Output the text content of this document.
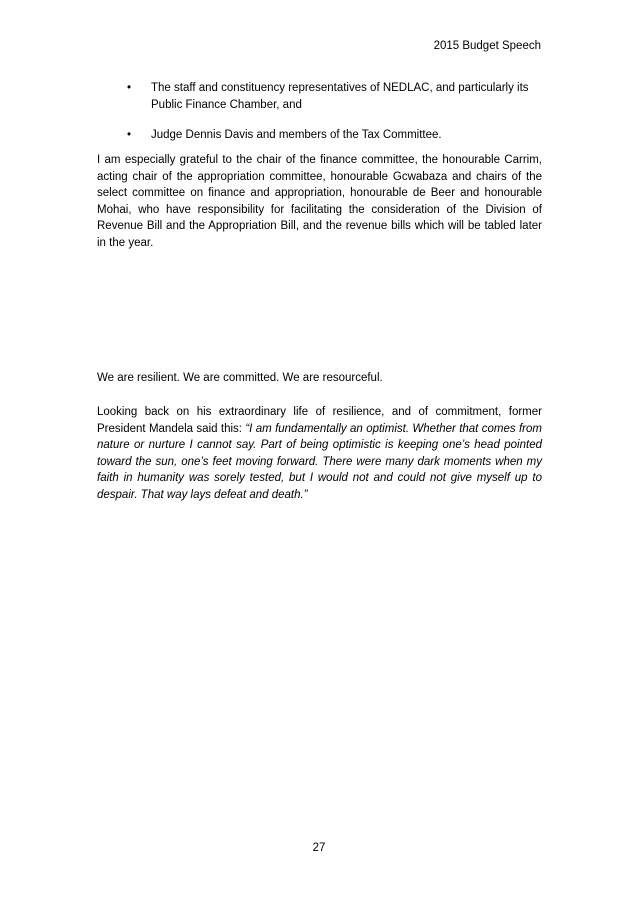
2015 Budget Speech
• The staff and constituency representatives of NEDLAC, and particularly its Public Finance Chamber, and
• Judge Dennis Davis and members of the Tax Committee.

I am especially grateful to the chair of the finance committee, the honourable Carrim, acting chair of the appropriation committee, honourable Gcwabaza and chairs of the select committee on finance and appropriation, honourable de Beer and honourable Mohai, who have responsibility for facilitating the consideration of the Division of Revenue Bill and the Appropriation Bill, and the revenue bills which will be tabled later in the year.

We are resilient. We are committed. We are resourceful.

Looking back on his extraordinary life of resilience, and of commitment, former President Mandela said this: “I am fundamentally an optimist. Whether that comes from nature or nurture I cannot say. Part of being optimistic is keeping one’s head pointed toward the sun, one’s feet moving forward. There were many dark moments when my faith in humanity was sorely tested, but I would not and could not give myself up to despair. That way lays defeat and death.”

27
